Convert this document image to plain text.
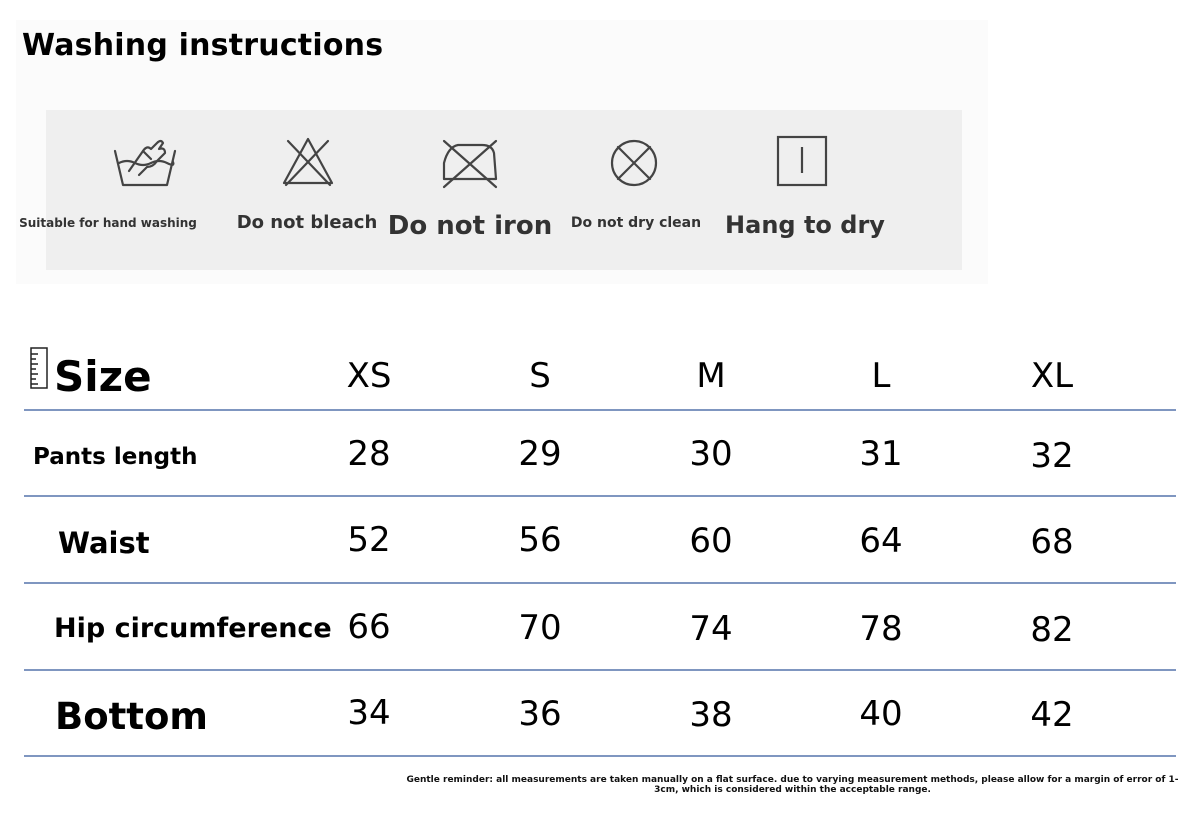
Washing instructions
Suitable for hand washing Do not bleach Do not iron Do not dry clean Hang to dry
Size	XS	S	M	L	XL
Pants length	28	29	30	31	32
Waist	52	56	60	64	68
Hip circumference 66	70	74	78	82
Bottom	34	36	38	40	42
Gentle reminder: all measurements are taken manually on a flat surface. due to varying measurement methods, please allow for a margin of error of 1-3cm, which is considered within the acceptable range.
